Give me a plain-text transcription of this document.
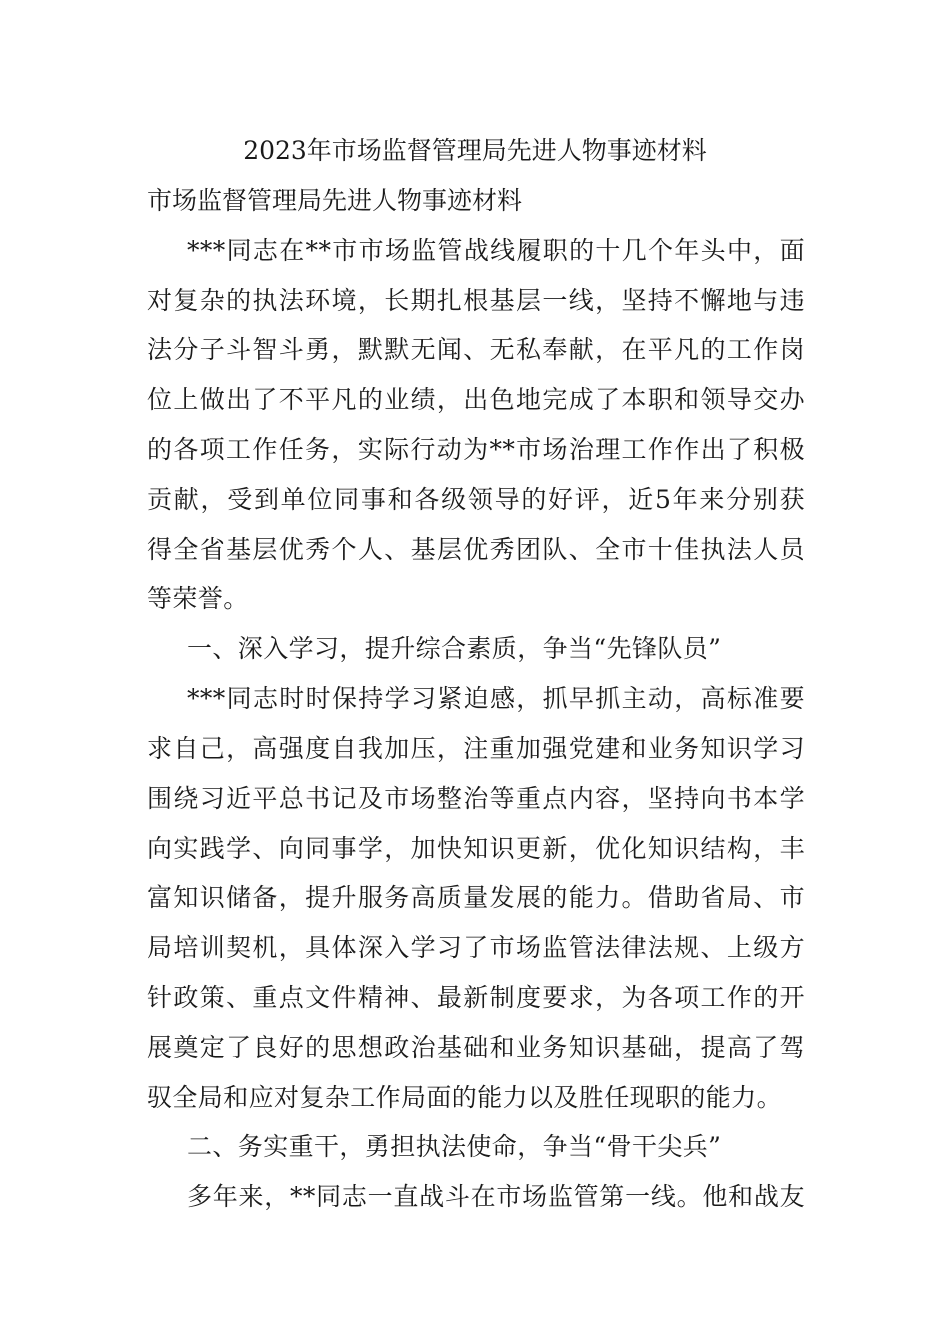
2023年市场监督管理局先进人物事迹材料
市场监督管理局先进人物事迹材料
***同志在**市市场监管战线履职的十几个年头中，面
对复杂的执法环境，长期扎根基层一线，坚持不懈地与违
法分子斗智斗勇，默默无闻、无私奉献，在平凡的工作岗
位上做出了不平凡的业绩，出色地完成了本职和领导交办
的各项工作任务，实际行动为**市场治理工作作出了积极
贡献，受到单位同事和各级领导的好评，近5年来分别获
得全省基层优秀个人、基层优秀团队、全市十佳执法人员
等荣誉。
一、深入学习，提升综合素质，争当“先锋队员”
***同志时时保持学习紧迫感，抓早抓主动，高标准要
求自己，高强度自我加压，注重加强党建和业务知识学习
围绕习近平总书记及市场整治等重点内容，坚持向书本学
向实践学、向同事学，加快知识更新，优化知识结构，丰
富知识储备，提升服务高质量发展的能力。借助省局、市
局培训契机，具体深入学习了市场监管法律法规、上级方
针政策、重点文件精神、最新制度要求，为各项工作的开
展奠定了良好的思想政治基础和业务知识基础，提高了驾
驭全局和应对复杂工作局面的能力以及胜任现职的能力。
二、务实重干，勇担执法使命，争当“骨干尖兵”
多年来，**同志一直战斗在市场监管第一线。他和战友
